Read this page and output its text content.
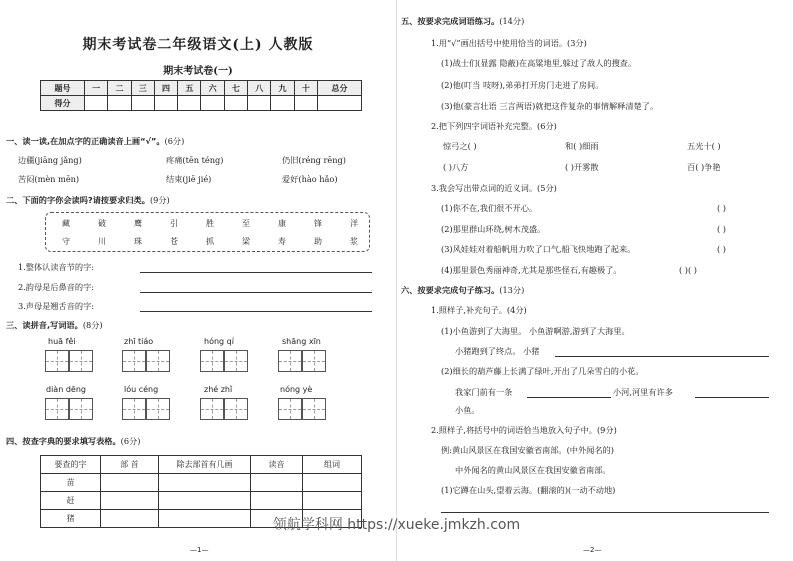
期末考试卷二年级语文(上) 人教版
期末考试卷(一)
题号	一	二	三	四	五	六	七	八	九	十	总分
得分											
一、读一读,在加点字的正确读音上画“√”。(6分)
边疆(jiāng jǎng)	疼痛(tēn téng)	仍旧(réng rēng)
苦闷(mèn mēn)	结束(jiē jié)	爱好(hào hǎo)
二、下面的字你会读吗?请按要求归类。(9分)
藏	破	鹰	引	胜	至	康	锋	洋
守	川	珠	苍	抓	梁	寿	助	浆
1.整体认读音节的字:
2.韵母是后鼻音的字:
3.声母是翘舌音的字:
三、读拼音,写词语。(8分)
huā fěi	zhī tiáo	hóng qí	shāng xīn
diàn dēng	lóu céng	zhé zhǐ	nóng yè
四、按查字典的要求填写表格。(6分)
要查的字	部 首	除去部首有几画	读音	组词
苗				
赶				
猪				
—1—
五、按要求完成词语练习。(14分)
1.用“√”画出括号中使用恰当的词语。(3分)
(1)战士们(显露 隐蔽)在高粱地里,躲过了敌人的搜查。
(2)他(叮当 吱呀),弟弟打开房门走进了房间。
(3)他(豪言壮语 三言两语)就把这件复杂的事情解释清楚了。
2.把下列四字词语补充完整。(6分)
惊弓之( )	和( )细雨	五光十( )
( )八方	( )开雾散	百( )争艳
3.我会写出带点词的近义词。(5分)
(1)你不在,我们很不开心。	( )
(2)那里群山环绕,树木茂盛。	( )
(3)风娃娃对着船帆用力吹了口气,船飞快地跑了起来。	( )
(4)那里景色秀丽神奇,尤其是那些怪石,有趣极了。	( )( )
六、按要求完成句子练习。(13分)
1.照样子,补充句子。(4分)
(1)小鱼游到了大海里。 小鱼游啊游,游到了大海里。
小猪跑到了终点。 小猪
(2)细长的葫芦藤上长满了绿叶,开出了几朵雪白的小花。
我家门前有一条	小河,河里有许多
小鱼。
2.照样子,将括号中的词语恰当地放入句子中。(9分)
例:黄山风景区在我国安徽省南部。(中外闻名的)
中外闻名的黄山风景区在我国安徽省南部。
(1)它蹲在山头,望着云海。(翻滚的)(一动不动地)
—2—
领航学科网 https://xueke.jmkzh.com
